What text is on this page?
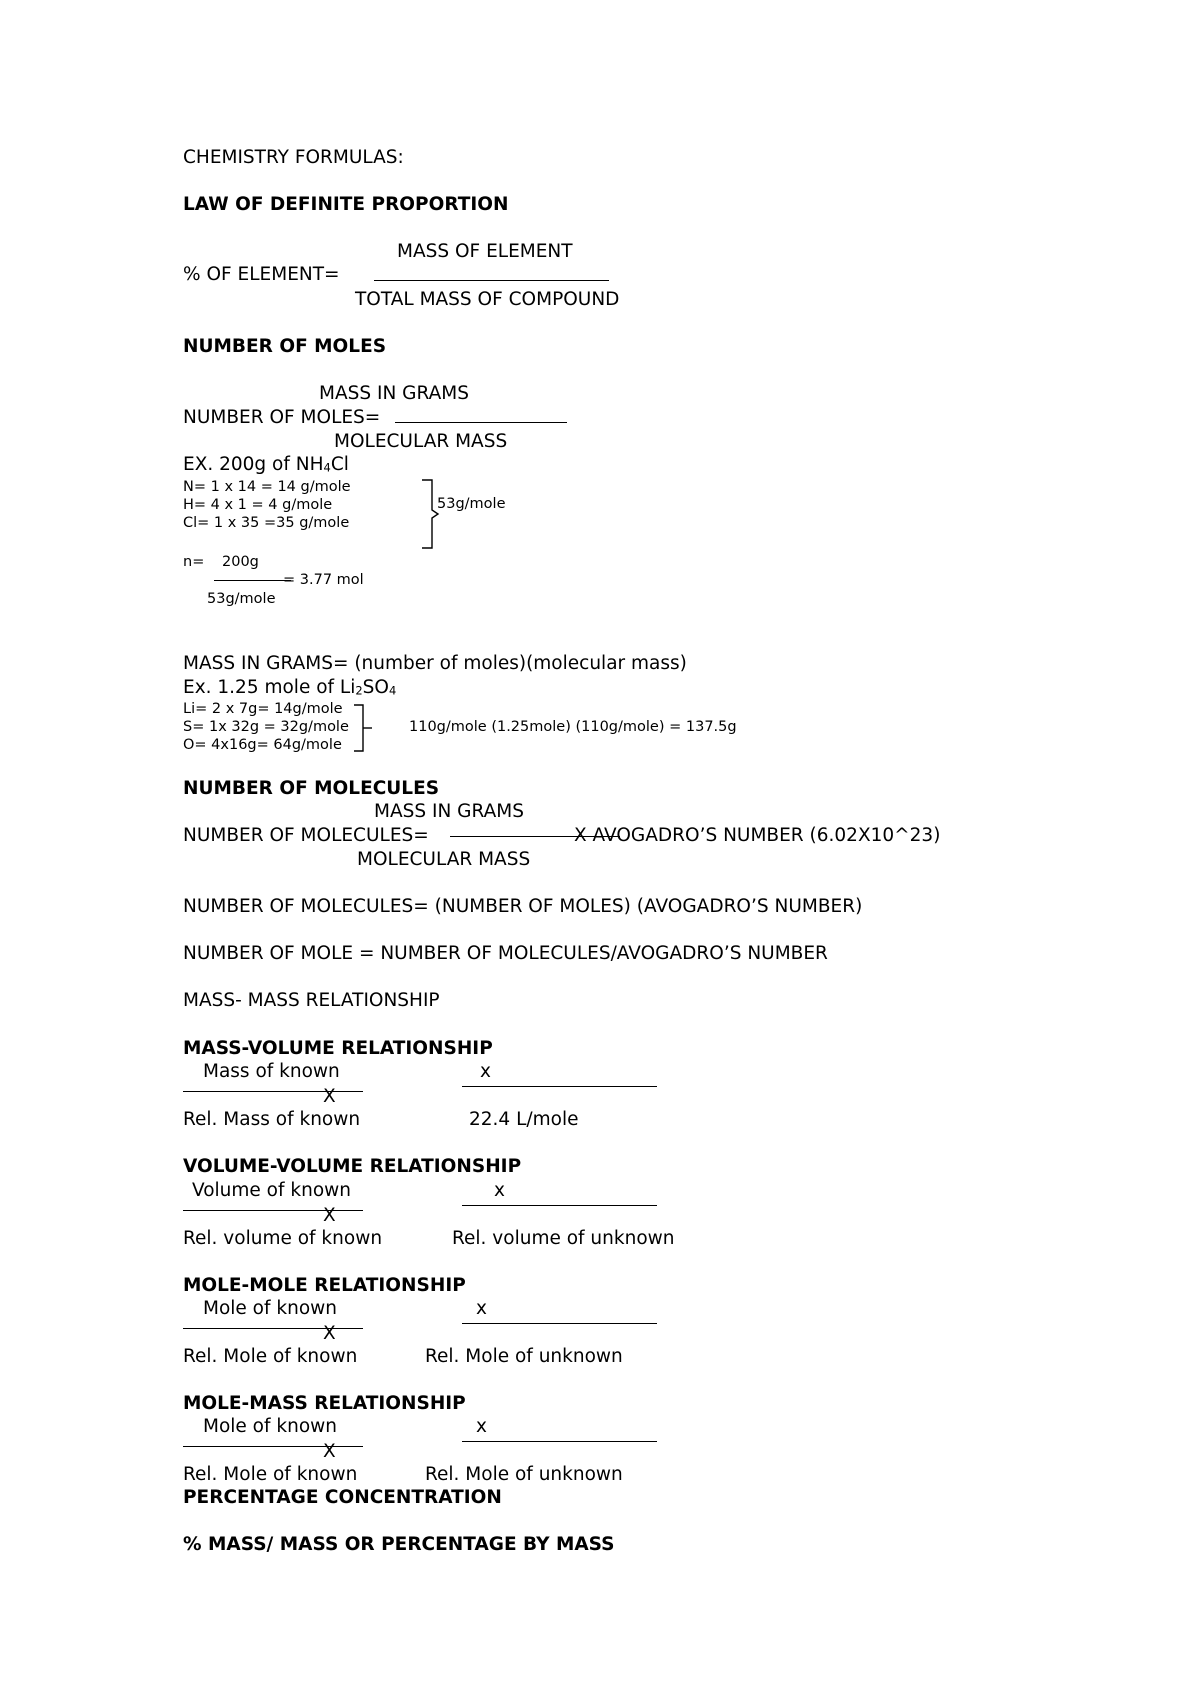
CHEMISTRY FORMULAS:
LAW OF DEFINITE PROPORTION
MASS OF ELEMENT
% OF ELEMENT=
TOTAL MASS OF COMPOUND
NUMBER OF MOLES
MASS IN GRAMS
NUMBER OF MOLES=
MOLECULAR MASS
EX. 200g of $NH_4Cl$
N= 1 x 14 = 14 g/mole
H= 4 x 1 = 4 g/mole
Cl= 1 x 35 =35 g/mole
53g/mole
n= 200g
= 3.77 mol
53g/mole
MASS IN GRAMS= (number of moles)(molecular mass)
Ex. 1.25 mole of $Li_2SO_4$
Li= 2 x 7g= 14g/mole
S= 1x 32g = 32g/mole
O= 4x16g= 64g/mole
110g/mole (1.25mole) (110g/mole) = 137.5g
NUMBER OF MOLECULES
MASS IN GRAMS
NUMBER OF MOLECULES=	X AVOGADRO’S NUMBER (6.02X10^23)
MOLECULAR MASS
NUMBER OF MOLECULES= (NUMBER OF MOLES) (AVOGADRO’S NUMBER)
NUMBER OF MOLE = NUMBER OF MOLECULES/AVOGADRO’S NUMBER
MASS- MASS RELATIONSHIP
MASS-VOLUME RELATIONSHIP
Mass of known	x
X
Rel. Mass of known	22.4 L/mole
VOLUME-VOLUME RELATIONSHIP
Volume of known	x
X
Rel. volume of known	Rel. volume of unknown
MOLE-MOLE RELATIONSHIP
Mole of known	x
X
Rel. Mole of known	Rel. Mole of unknown
MOLE-MASS RELATIONSHIP
Mole of known	x
X
Rel. Mole of known	Rel. Mole of unknown
PERCENTAGE CONCENTRATION
% MASS/ MASS OR PERCENTAGE BY MASS
